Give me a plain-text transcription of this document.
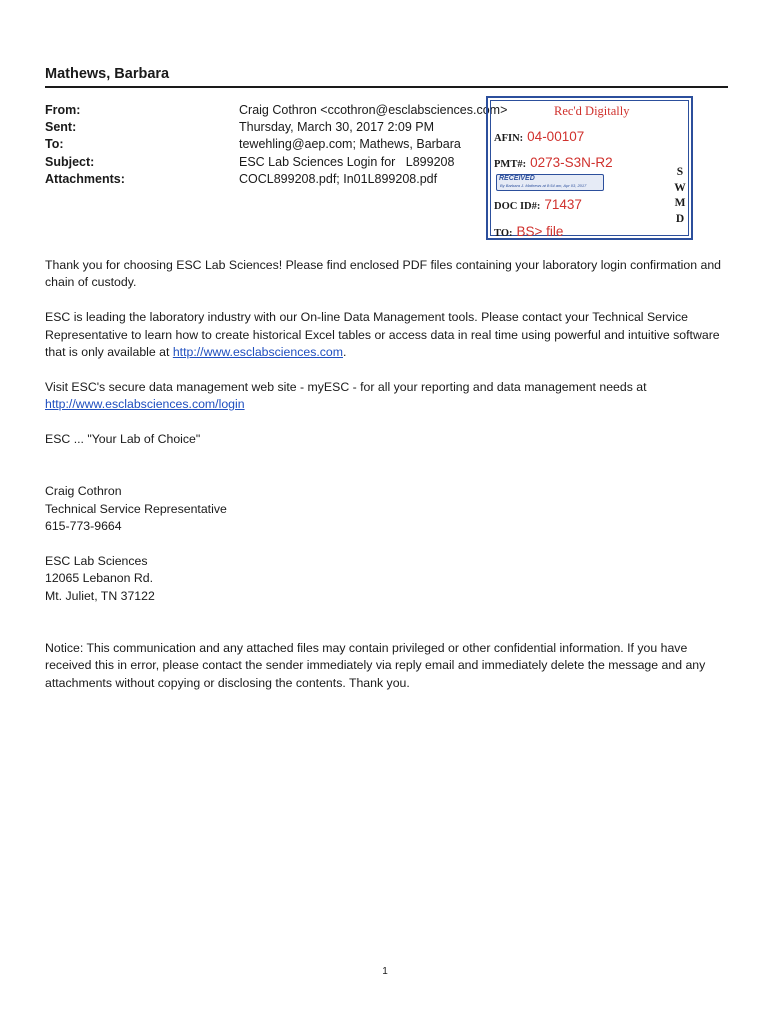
Mathews, Barbara
From:	Craig Cothron <ccothron@esclabsciences.com>
Sent:	Thursday, March 30, 2017 2:09 PM
To:	tewehling@aep.com; Mathews, Barbara
Subject:	ESC Lab Sciences Login for   L899208
Attachments:	COCL899208.pdf; In01L899208.pdf
Rec'd Digitally
AFIN: 04-00107
PMT#: 0273-S3N-R2
RECEIVED
By Barbara J. Mathews at 8:54 am, Apr 03, 2017
DOC ID#: 71437
TO: BS> file
S
W
M
D

Thank you for choosing ESC Lab Sciences! Please find enclosed PDF files containing your laboratory login confirmation and chain of custody.

ESC is leading the laboratory industry with our On-line Data Management tools. Please contact your Technical Service Representative to learn how to create historical Excel tables or access data in real time using powerful and intuitive software that is only available at http://www.esclabsciences.com.

Visit ESC's secure data management web site - myESC - for all your reporting and data management needs at http://www.esclabsciences.com/login

ESC ... "Your Lab of Choice"

Craig Cothron
Technical Service Representative
615-773-9664

ESC Lab Sciences
12065 Lebanon Rd.
Mt. Juliet, TN 37122

Notice: This communication and any attached files may contain privileged or other confidential information. If you have received this in error, please contact the sender immediately via reply email and immediately delete the message and any attachments without copying or disclosing the contents. Thank you.

1
